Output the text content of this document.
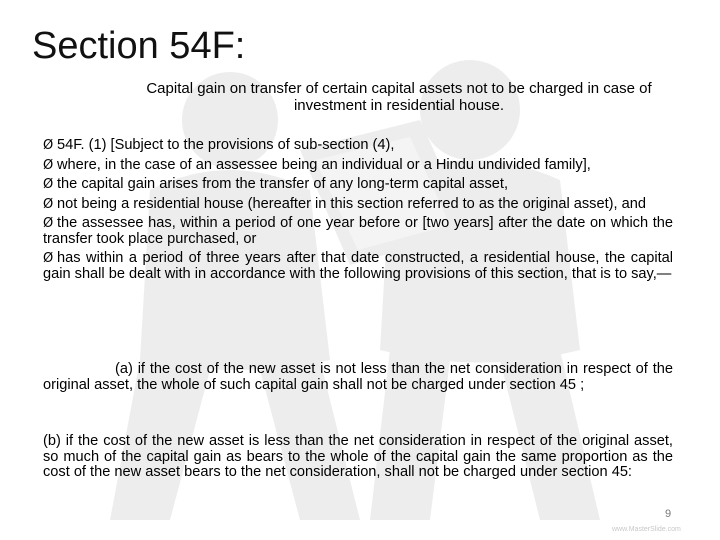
Section 54F:

Capital gain on transfer of certain capital assets not to be charged in case of investment in residential house.

Ø 54F. (1) [Subject to the provisions of sub-section (4),

Ø where, in the case of an assessee being an individual or a Hindu undivided family],

Ø the capital gain arises from the transfer of any long-term capital asset,

Ø not being a residential house (hereafter in this section referred to as the original asset), and

Ø the assessee has, within a period of one year before or [two years] after the date on which the transfer took place purchased, or

Ø has within a period of three years after that date constructed, a residential house, the capital gain shall be dealt with in accordance with the following provisions of this section, that is to say,—

(a) if the cost of the new asset is not less than the net consideration in respect of the original asset, the whole of such capital gain shall not be charged under section 45 ;

(b) if the cost of the new asset is less than the net consideration in respect of the original asset, so much of the capital gain as bears to the whole of the capital gain the same proportion as the cost of the new asset bears to the net consideration, shall not be charged under section 45:

9
www.MasterSlide.com
